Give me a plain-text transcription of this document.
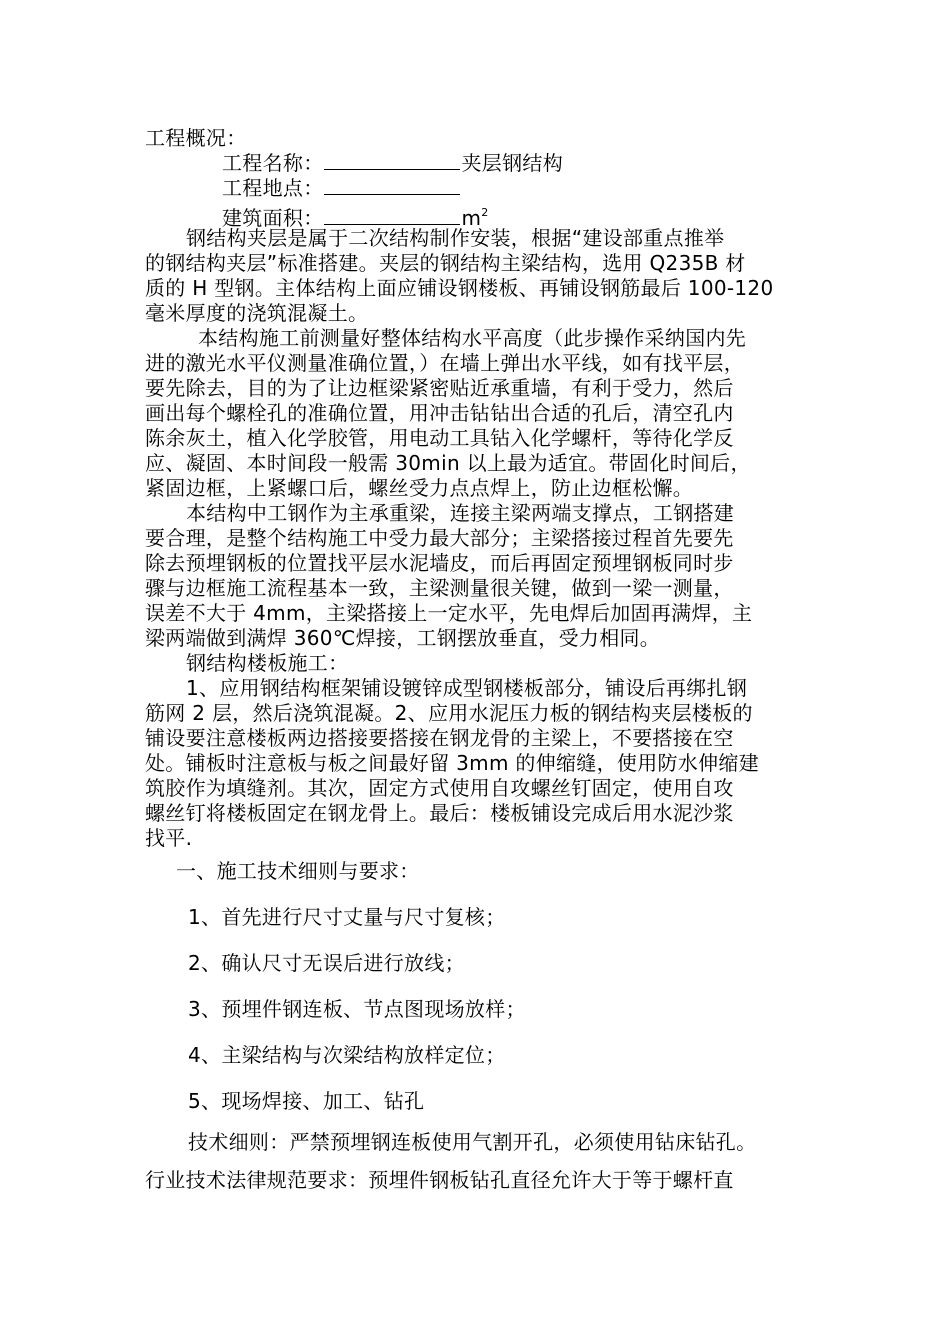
工程概况：
工程名称：	夹层钢结构
工程地点：
建筑面积：	$m^2$
钢结构夹层是属于二次结构制作安装，根据“建设部重点推举
的钢结构夹层”标准搭建。夹层的钢结构主梁结构，选用 Q235B 材
质的 H 型钢。主体结构上面应铺设钢楼板、再铺设钢筋最后 100-120
毫米厚度的浇筑混凝土。
本结构施工前测量好整体结构水平高度（此步操作采纳国内先
进的激光水平仪测量准确位置，）在墙上弹出水平线，如有找平层，
要先除去，目的为了让边框梁紧密贴近承重墙，有利于受力，然后
画出每个螺栓孔的准确位置，用冲击钻钻出合适的孔后，清空孔内
陈余灰土，植入化学胶管，用电动工具钻入化学螺杆，等待化学反
应、凝固、本时间段一般需 30min 以上最为适宜。带固化时间后，
紧固边框，上紧螺口后，螺丝受力点点焊上，防止边框松懈。
本结构中工钢作为主承重梁，连接主梁两端支撑点，工钢搭建
要合理，是整个结构施工中受力最大部分；主梁搭接过程首先要先
除去预埋钢板的位置找平层水泥墙皮，而后再固定预埋钢板同时步
骤与边框施工流程基本一致，主梁测量很关键，做到一梁一测量，
误差不大于 4mm，主梁搭接上一定水平，先电焊后加固再满焊，主
梁两端做到满焊 360℃焊接，工钢摆放垂直，受力相同。
钢结构楼板施工：
1、应用钢结构框架铺设镀锌成型钢楼板部分，铺设后再绑扎钢
筋网 2 层，然后浇筑混凝。2、应用水泥压力板的钢结构夹层楼板的
铺设要注意楼板两边搭接要搭接在钢龙骨的主梁上，不要搭接在空
处。铺板时注意板与板之间最好留 3mm 的伸缩缝，使用防水伸缩建
筑胶作为填缝剂。其次，固定方式使用自攻螺丝钉固定，使用自攻
螺丝钉将楼板固定在钢龙骨上。最后：楼板铺设完成后用水泥沙浆
找平.
一、施工技术细则与要求：
1、首先进行尺寸丈量与尺寸复核；
2、确认尺寸无误后进行放线；
3、预埋件钢连板、节点图现场放样；
4、主梁结构与次梁结构放样定位；
5、现场焊接、加工、钻孔
技术细则：严禁预埋钢连板使用气割开孔，必须使用钻床钻孔。
行业技术法律规范要求：预埋件钢板钻孔直径允许大于等于螺杆直
